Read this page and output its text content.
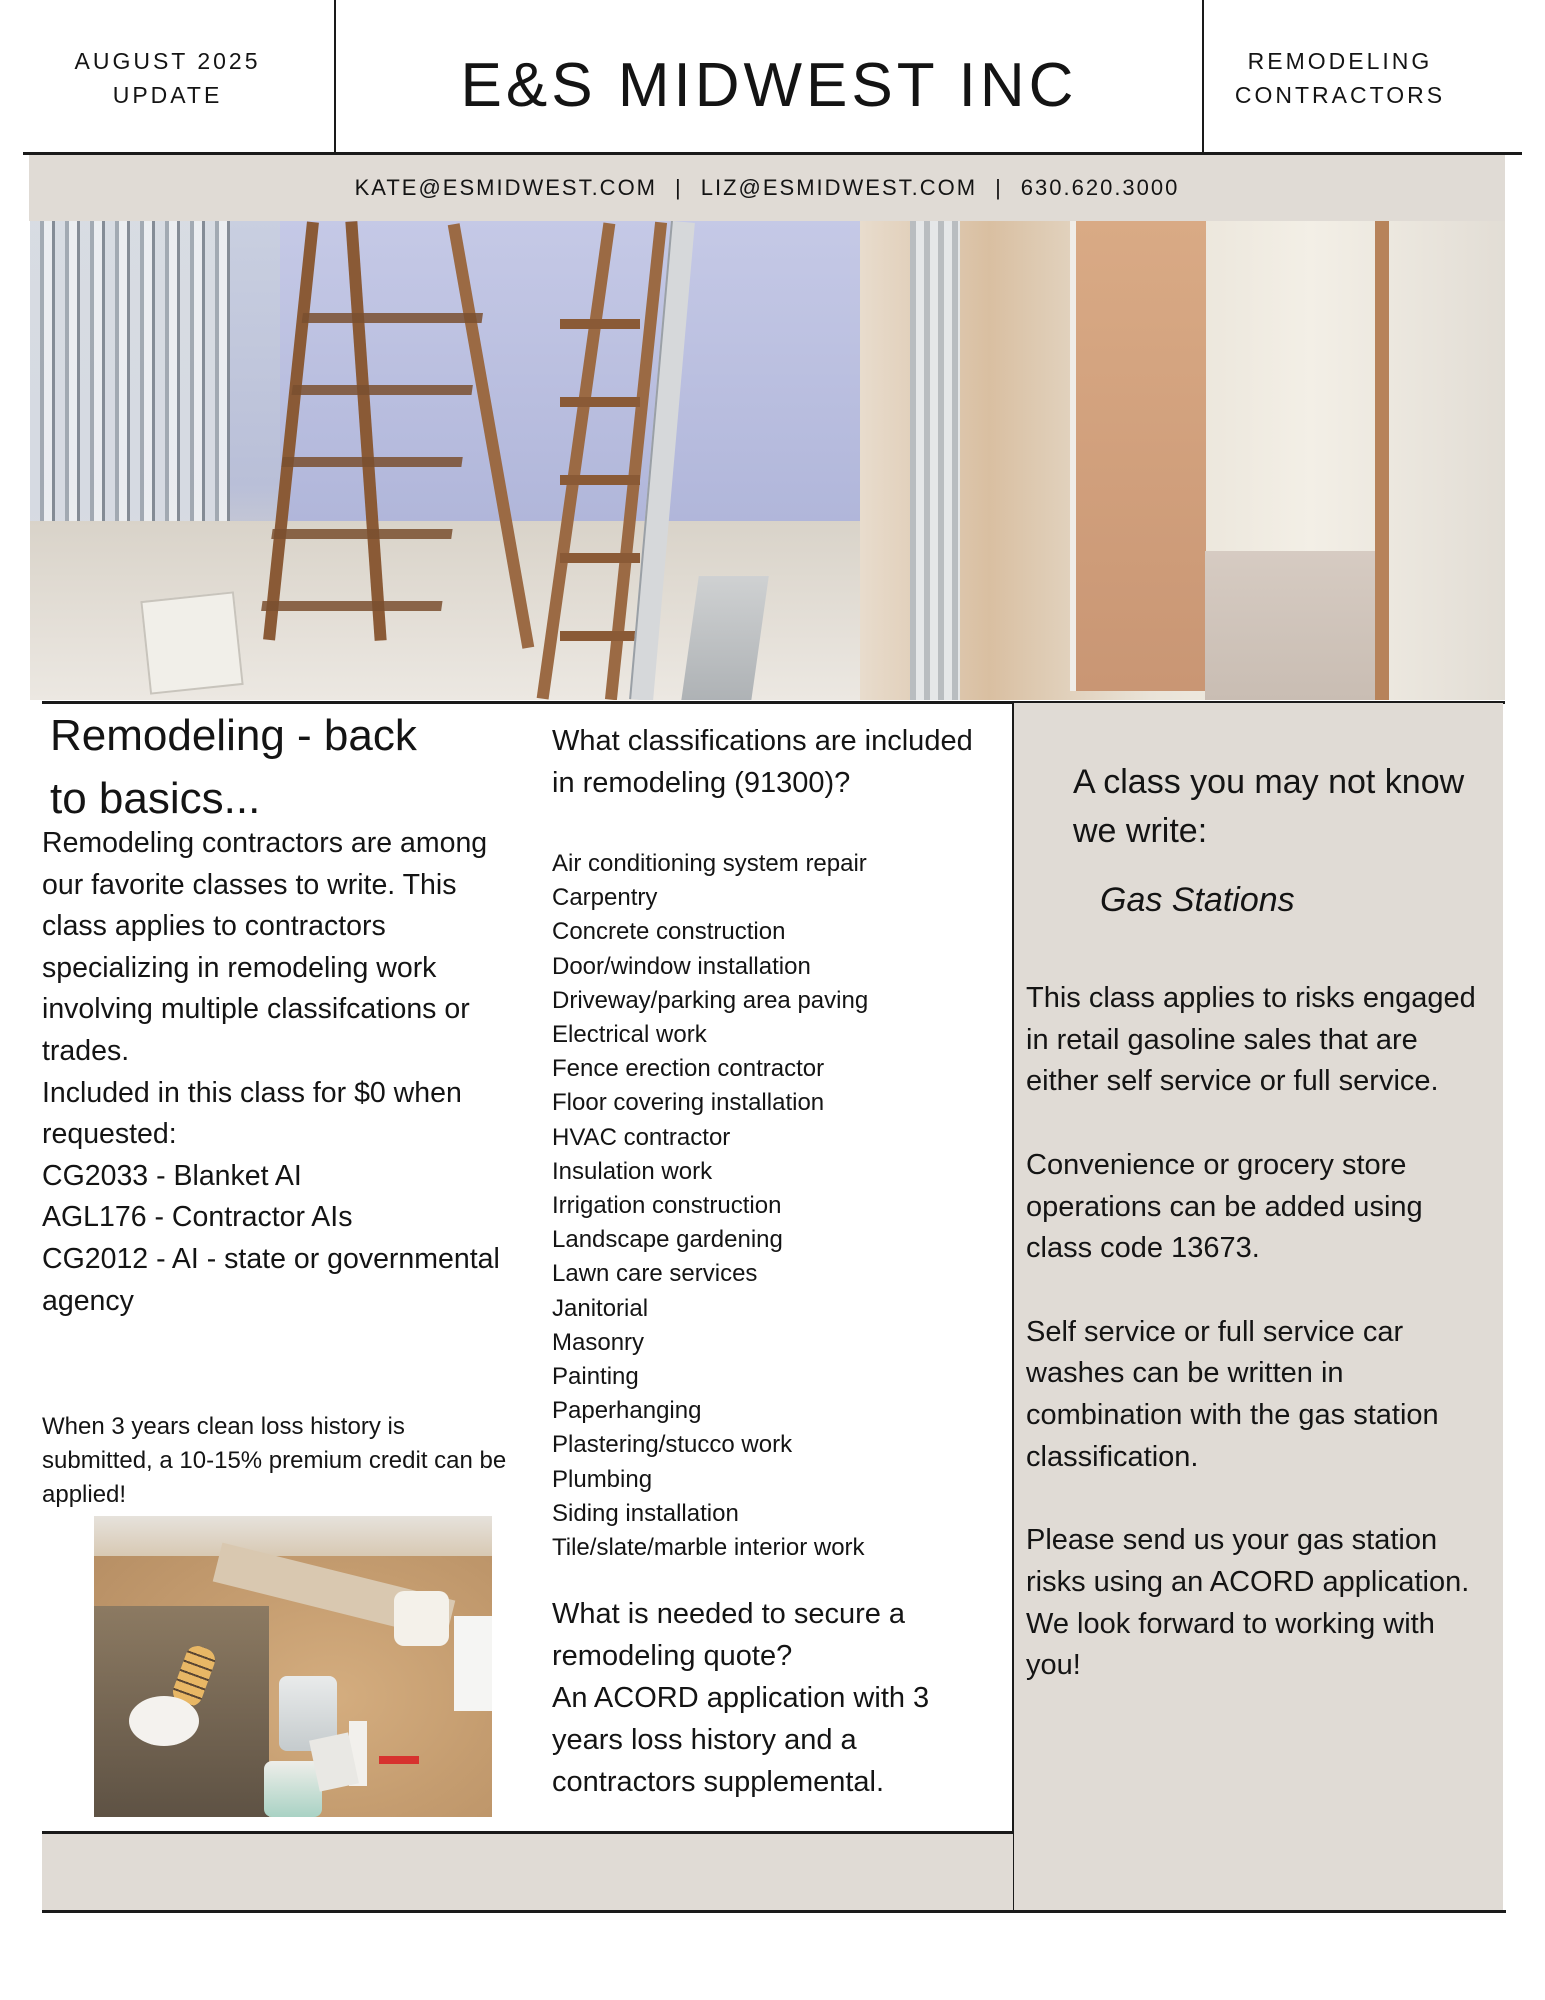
AUGUST 2025
UPDATE	E&S MIDWEST INC	REMODELING
CONTRACTORS
KATE@ESMIDWEST.COM | LIZ@ESMIDWEST.COM | 630.620.3000
Remodeling - back
to basics...

Remodeling contractors are among our favorite classes to write. This class applies to contractors specializing in remodeling work involving multiple classifcations or trades.

Included in this class for $0 when requested:

CG2033 - Blanket AI

AGL176 - Contractor AIs

CG2012 - AI - state or governmental agency

When 3 years clean loss history is submitted, a 10-15% premium credit can be applied!
What classifications are included in remodeling (91300)?
Air conditioning system repair
Carpentry
Concrete construction
Door/window installation
Driveway/parking area paving
Electrical work
Fence erection contractor
Floor covering installation
HVAC contractor
Insulation work
Irrigation construction
Landscape gardening
Lawn care services
Janitorial
Masonry
Painting
Paperhanging
Plastering/stucco work
Plumbing
Siding installation
Tile/slate/marble interior work
What is needed to secure a remodeling quote?
An ACORD application with 3 years loss history and a contractors supplemental.
A class you may not know we write:
Gas Stations

This class applies to risks engaged in retail gasoline sales that are either self service or full service.

Convenience or grocery store operations can be added using class code 13673.

Self service or full service car washes can be written in combination with the gas station classification.

Please send us your gas station risks using an ACORD application. We look forward to working with you!
